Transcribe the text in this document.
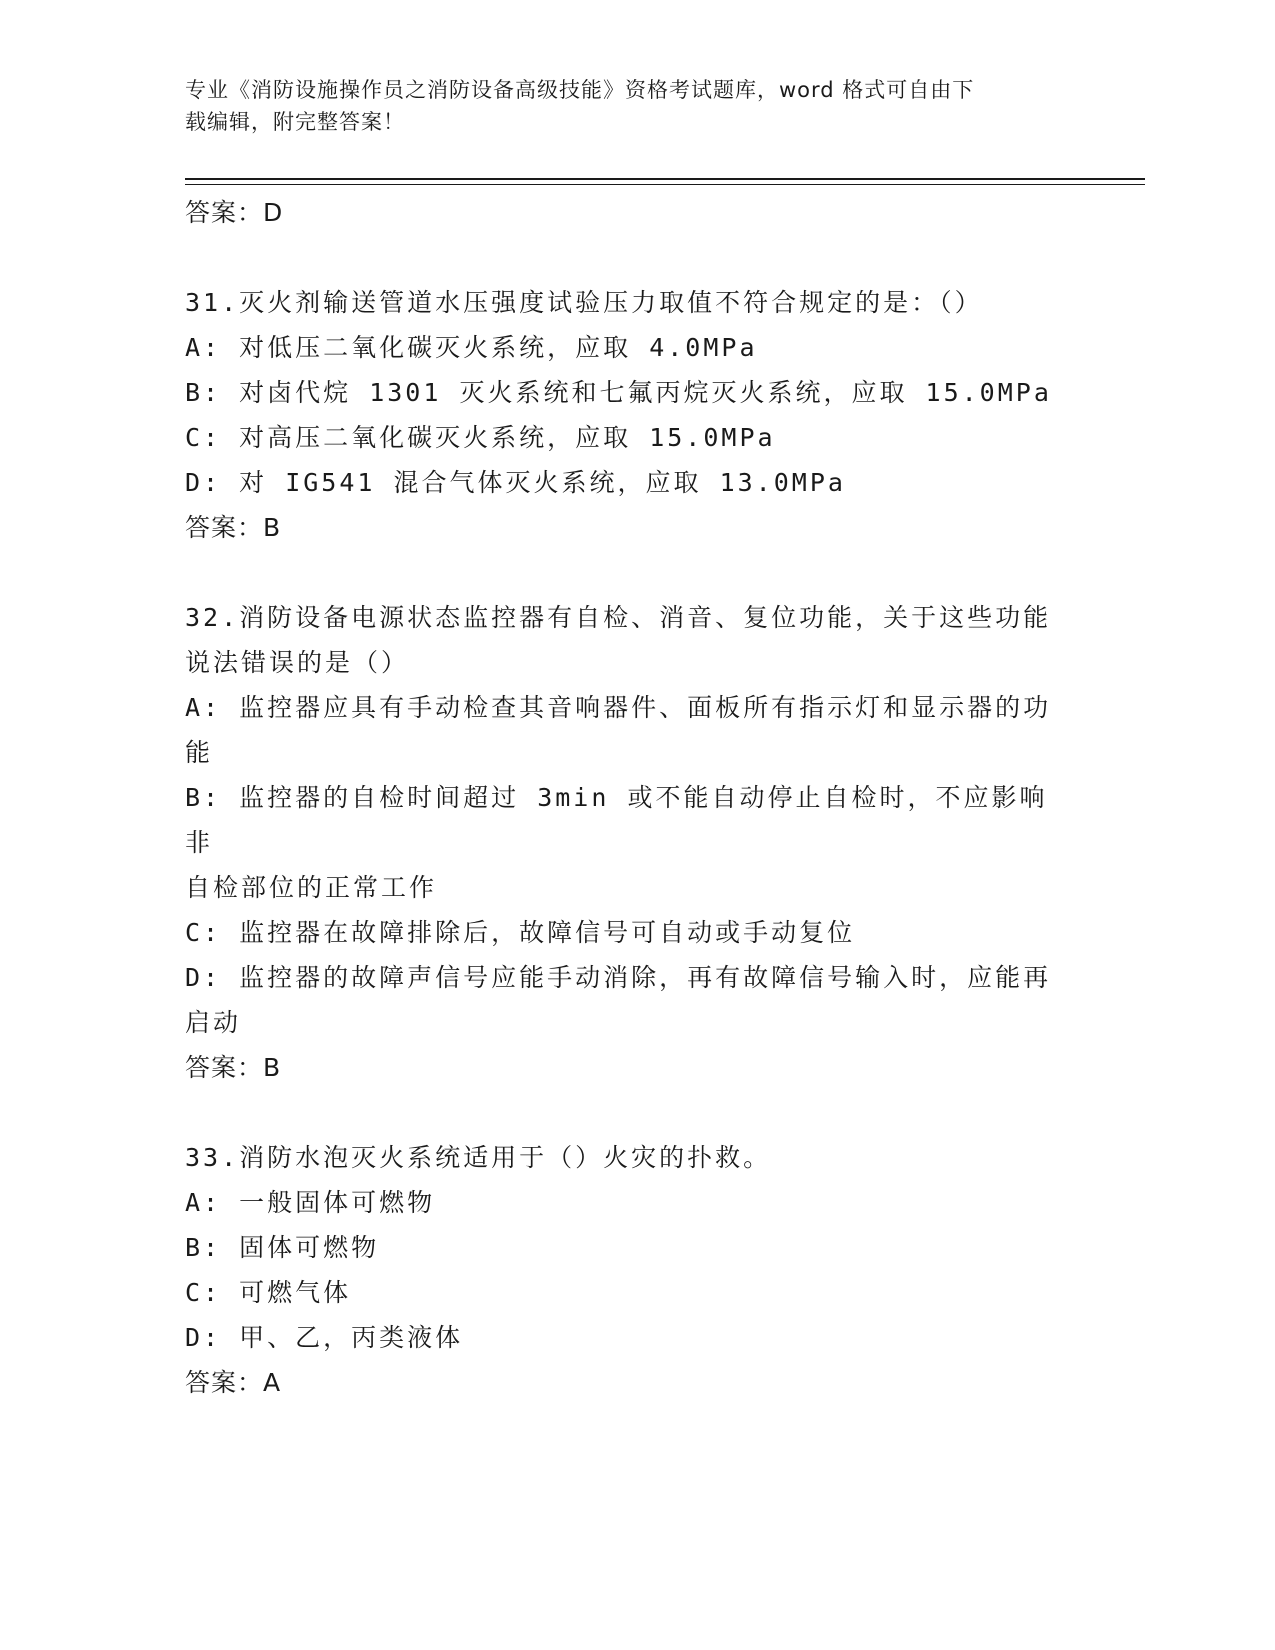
专业《消防设施操作员之消防设备高级技能》资格考试题库，word 格式可自由下
载编辑，附完整答案！
答案：D
31.灭火剂输送管道水压强度试验压力取值不符合规定的是：（）
A: 对低压二氧化碳灭火系统，应取 4.0MPa
B: 对卤代烷 1301 灭火系统和七氟丙烷灭火系统，应取 15.0MPa
C: 对高压二氧化碳灭火系统，应取 15.0MPa
D: 对 IG541 混合气体灭火系统，应取 13.0MPa
答案：B
32.消防设备电源状态监控器有自检、消音、复位功能，关于这些功能
说法错误的是（）
A: 监控器应具有手动检查其音响器件、面板所有指示灯和显示器的功
能
B: 监控器的自检时间超过 3min 或不能自动停止自检时，不应影响非
自检部位的正常工作
C: 监控器在故障排除后，故障信号可自动或手动复位
D: 监控器的故障声信号应能手动消除，再有故障信号输入时，应能再
启动
答案：B
33.消防水泡灭火系统适用于（）火灾的扑救。
A: 一般固体可燃物
B: 固体可燃物
C: 可燃气体
D: 甲、乙，丙类液体
答案：A
